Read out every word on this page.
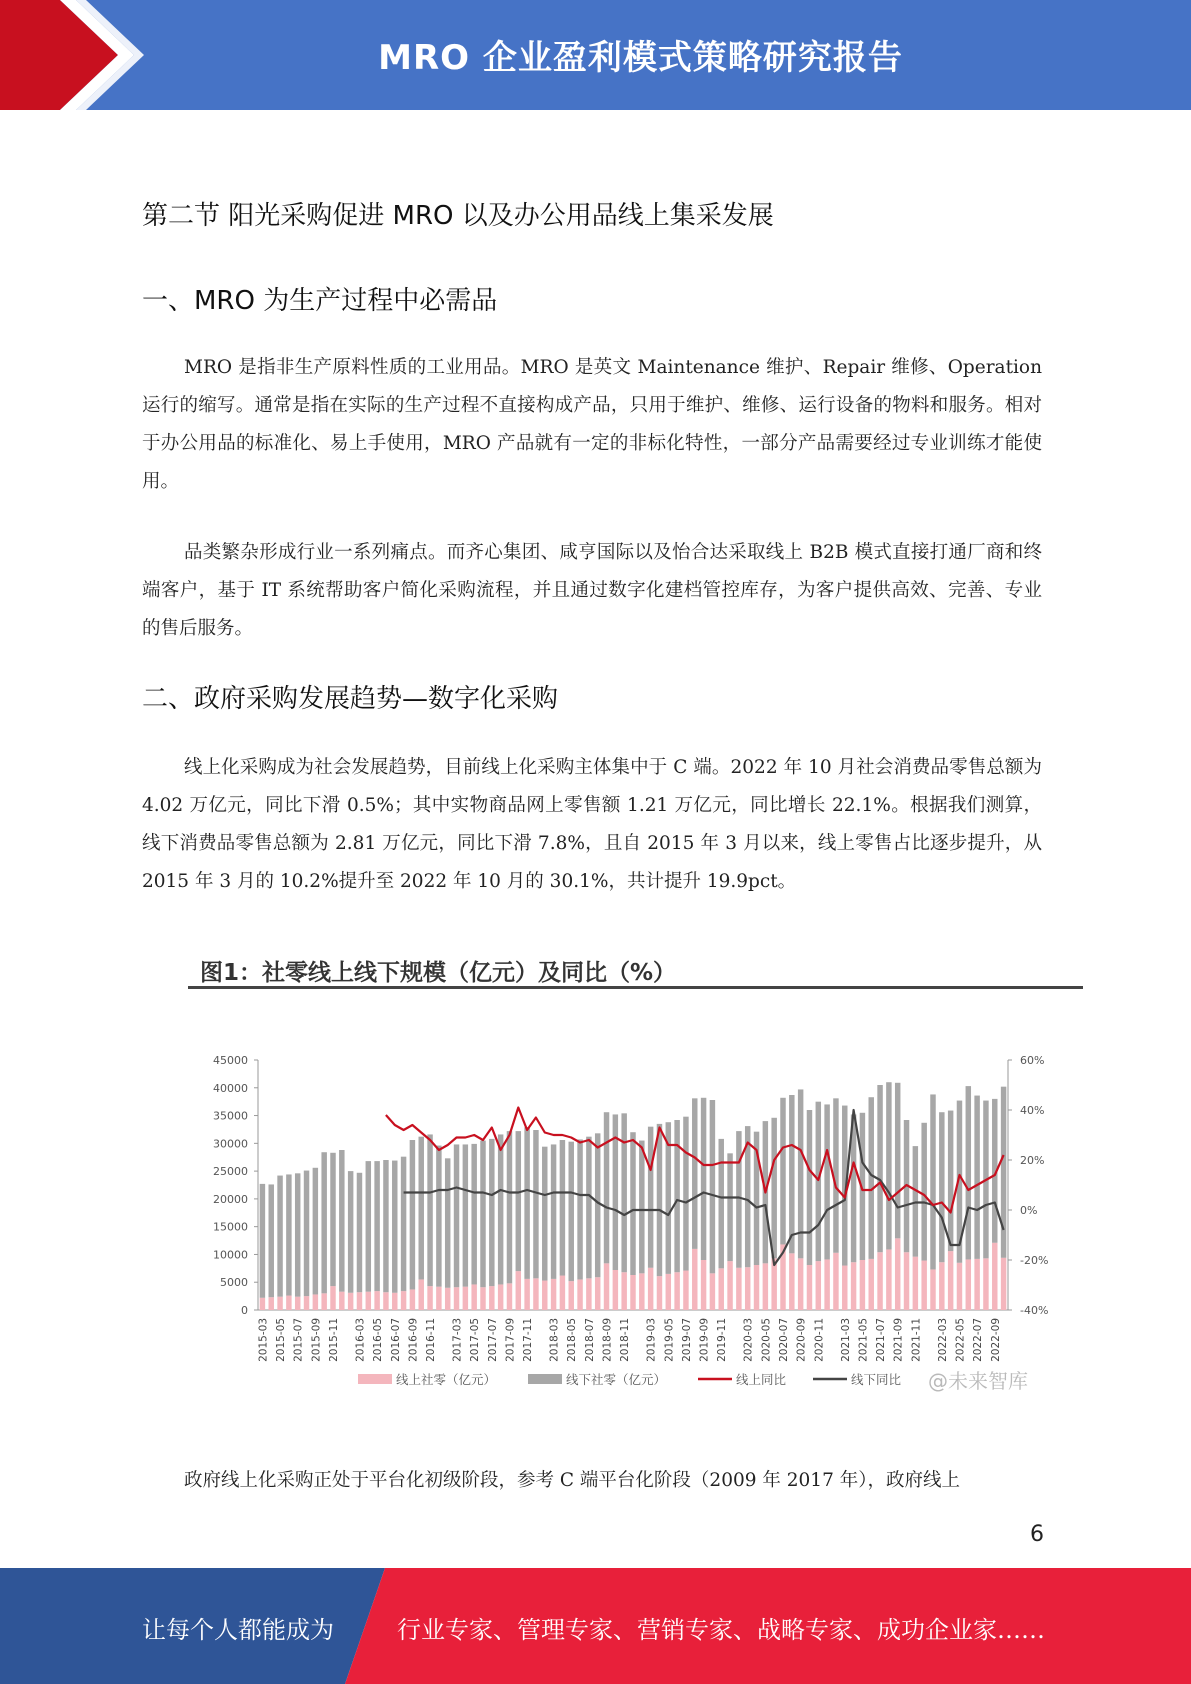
MRO 企业盈利模式策略研究报告
第二节 阳光采购促进 MRO 以及办公用品线上集采发展
一、MRO 为生产过程中必需品

MRO 是指非生产原料性质的工业用品。MRO 是英文 Maintenance 维护、Repair 维修、Operation 运行的缩写。通常是指在实际的生产过程不直接构成产品，只用于维护、维修、运行设备的物料和服务。相对于办公用品的标准化、易上手使用，MRO 产品就有一定的非标化特性，一部分产品需要经过专业训练才能使用。

品类繁杂形成行业一系列痛点。而齐心集团、咸亨国际以及怡合达采取线上 B2B 模式直接打通厂商和终端客户，基于 IT 系统帮助客户简化采购流程，并且通过数字化建档管控库存，为客户提供高效、完善、专业的售后服务。

二、政府采购发展趋势—数字化采购

线上化采购成为社会发展趋势，目前线上化采购主体集中于 C 端。2022 年 10 月社会消费品零售总额为 4.02 万亿元，同比下滑 0.5%；其中实物商品网上零售额 1.21 万亿元，同比增长 22.1%。根据我们测算，线下消费品零售总额为 2.81 万亿元，同比下滑 7.8%，且自 2015 年 3 月以来，线上零售占比逐步提升，从 2015 年 3 月的 10.2%提升至 2022 年 10 月的 30.1%，共计提升 19.9pct。

图1：社零线上线下规模（亿元）及同比（%）
0
5000
10000
15000
20000
25000
30000
35000
40000
45000
-40%
-20%
0%
20%
40%
60%
2015-03 2015-05 2015-07 2015-09 2015-11 2016-03 2016-05 2016-07 2016-09 2016-11 2017-03 2017-05 2017-07 2017-09 2017-11 2018-03 2018-05 2018-07 2018-09 2018-11 2019-03 2019-05 2019-07 2019-09 2019-11 2020-03 2020-05 2020-07 2020-09 2020-11 2021-03 2021-05 2021-07 2021-09 2021-11 2022-03 2022-05 2022-07 2022-09
线上社零（亿元）	线下社零（亿元）	线上同比	线下同比 @未来智库

政府线上化采购正处于平台化初级阶段，参考 C 端平台化阶段（2009 年 2017 年），政府线上

6
让每个人都能成为	行业专家、管理专家、营销专家、战略专家、成功企业家……
